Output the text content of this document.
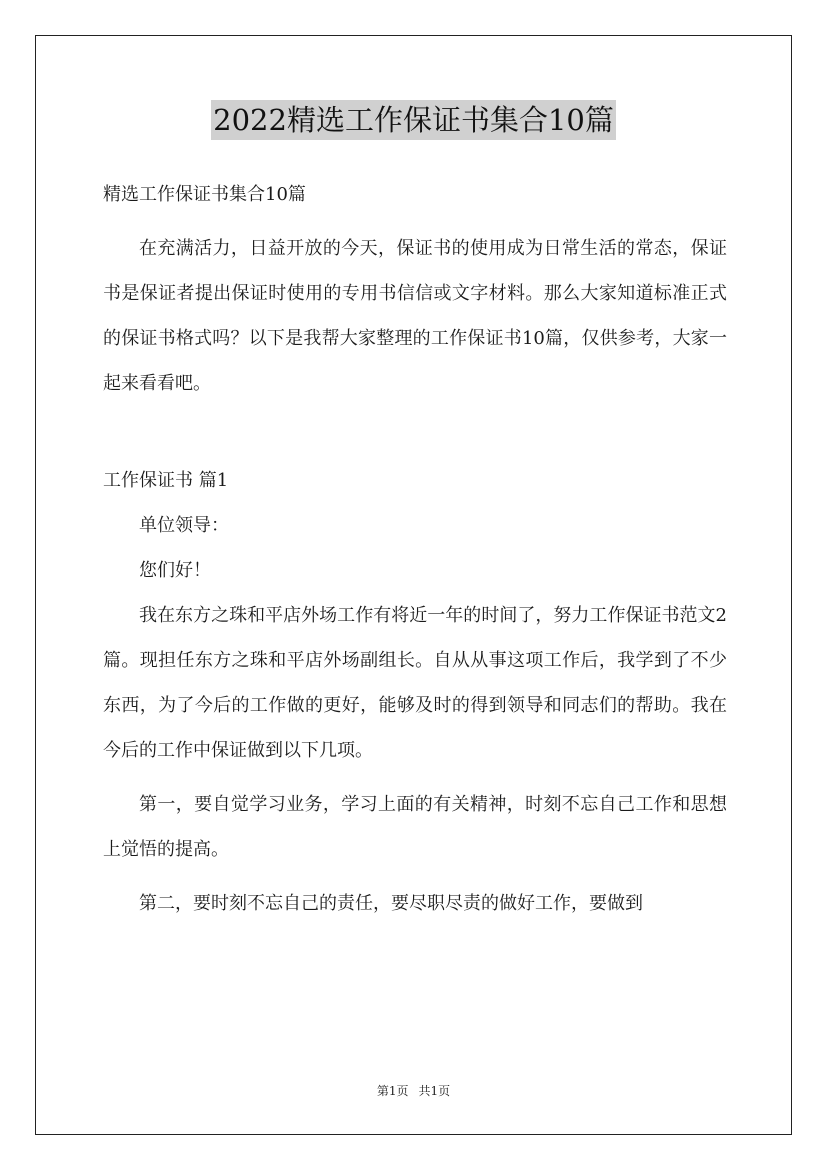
2022精选工作保证书集合10篇

精选工作保证书集合10篇

在充满活力，日益开放的今天，保证书的使用成为日常生活的常态，保证书是保证者提出保证时使用的专用书信信或文字材料。那么大家知道标准正式的保证书格式吗？以下是我帮大家整理的工作保证书10篇，仅供参考，大家一起来看看吧。

工作保证书 篇1

单位领导：

您们好！

我在东方之珠和平店外场工作有将近一年的时间了，努力工作保证书范文2篇。现担任东方之珠和平店外场副组长。自从从事这项工作后，我学到了不少东西，为了今后的工作做的更好，能够及时的得到领导和同志们的帮助。我在今后的工作中保证做到以下几项。

第一，要自觉学习业务，学习上面的有关精神，时刻不忘自己工作和思想上觉悟的提高。

第二，要时刻不忘自己的责任，要尽职尽责的做好工作，要做到

第1页 共1页
